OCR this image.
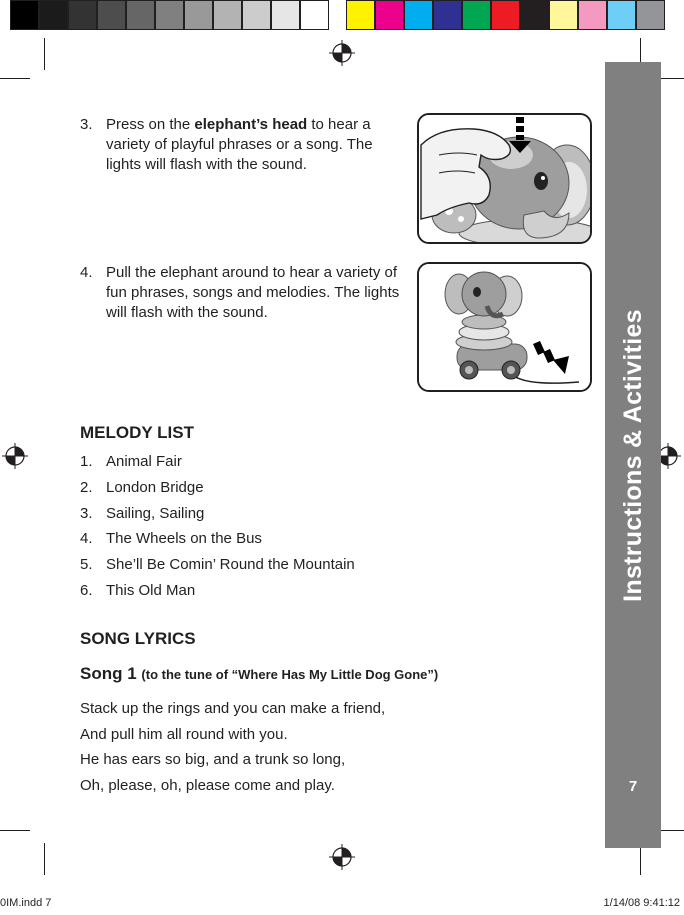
Instructions & Activities
7
3. Press on the elephant’s head to hear a variety of playful phrases or a song. The lights will flash with the sound.
4. Pull the elephant around to hear a variety of fun phrases, songs and melodies. The lights will flash with the sound.
MELODY LIST
1. Animal Fair
2. London Bridge
3. Sailing, Sailing
4. The Wheels on the Bus
5. She’ll Be Comin’ Round the Mountain
6. This Old Man
SONG LYRICS
Song 1 (to the tune of “Where Has My Little Dog Gone”)
Stack up the rings and you can make a friend,
And pull him all round with you.
He has ears so big, and a trunk so long,
Oh, please, oh, please come and play.
0IM.indd 7	1/14/08 9:41:12
